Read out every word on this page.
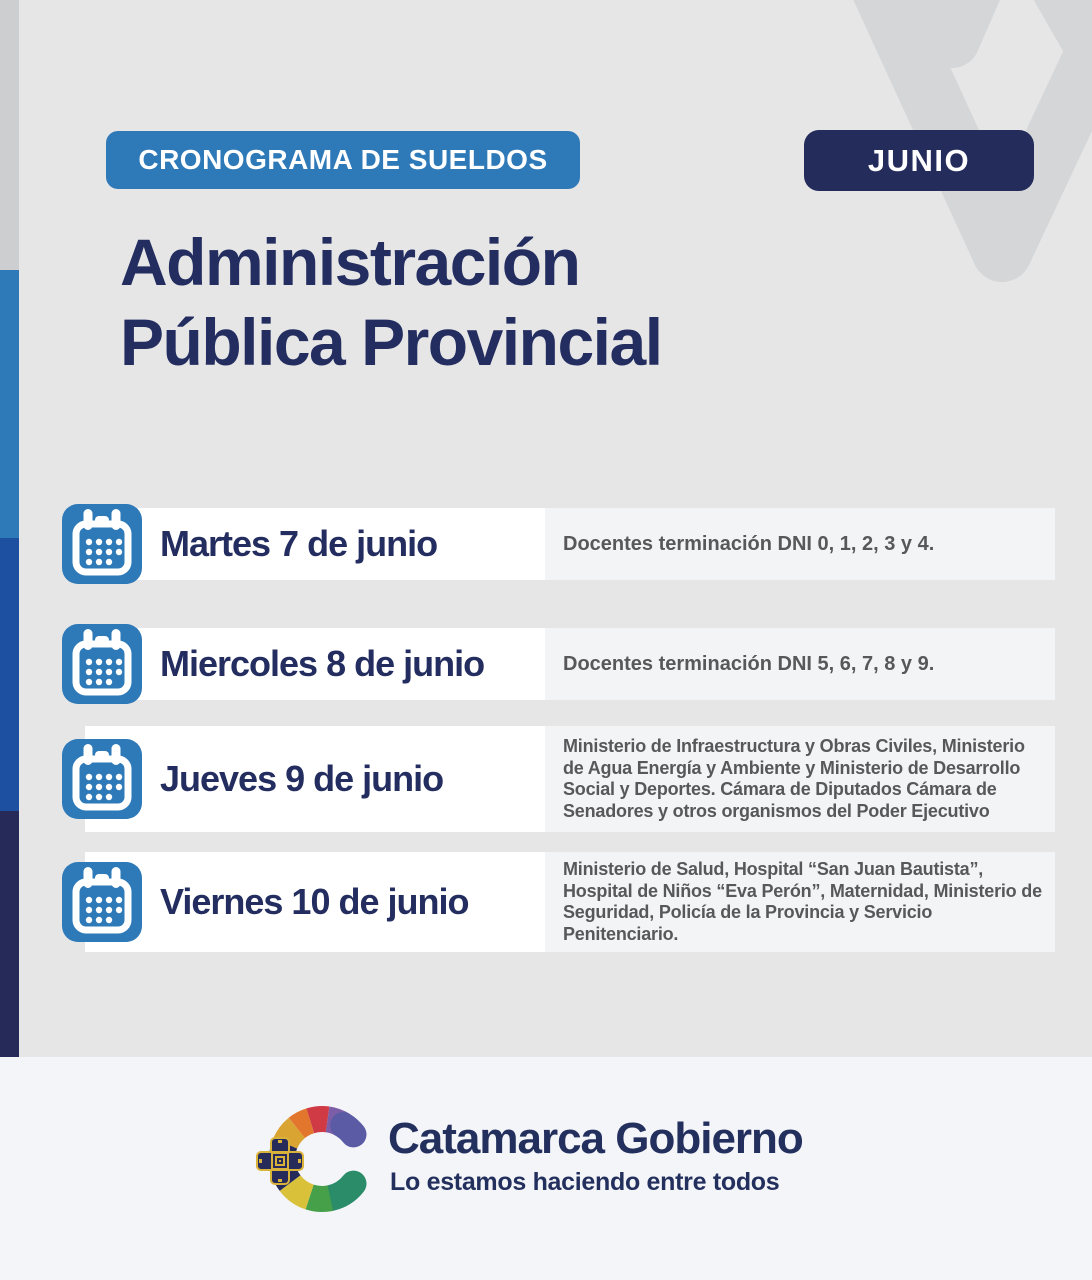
CRONOGRAMA DE SUELDOS	JUNIO
Administración
Pública Provincial
Docentes terminación DNI 0, 1, 2, 3 y 4.
Martes 7 de junio
Docentes terminación DNI 5, 6, 7, 8 y 9.
Miercoles 8 de junio
Ministerio de Infraestructura y Obras Civiles, Ministerio de Agua Energía y Ambiente y Ministerio de Desarrollo Social y Deportes. Cámara de Diputados Cámara de Senadores y otros organismos del Poder Ejecutivo
Jueves 9 de junio
Ministerio de Salud, Hospital “San Juan Bautista”, Hospital de Niños “Eva Perón”, Maternidad, Ministerio de Seguridad, Policía de la Provincia y Servicio Penitenciario.
Viernes 10 de junio
Catamarca Gobierno
Lo estamos haciendo entre todos
